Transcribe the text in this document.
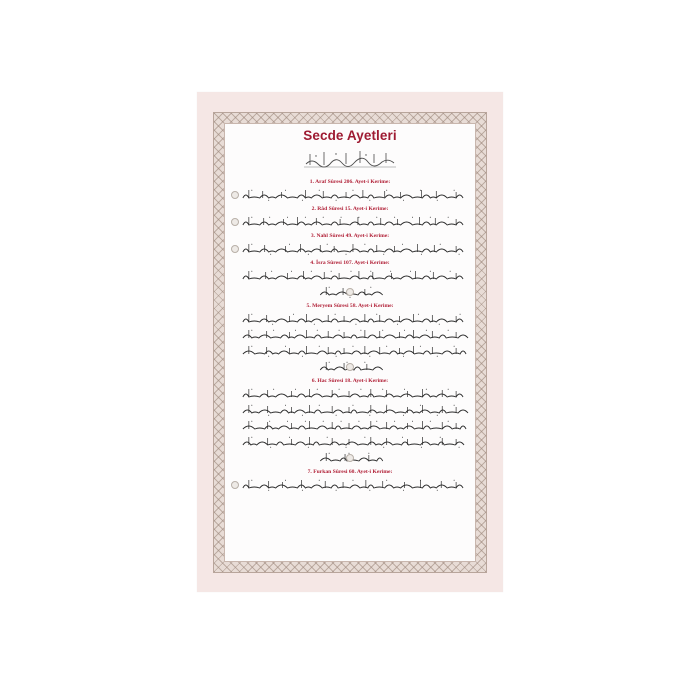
Secde Ayetleri
1. Araf Sûresi 206. Ayet-i Kerime:
2. Râd Sûresi 15. Ayet-i Kerime:
3. Nahl Sûresi 49. Ayet-i Kerime:
4. İsra Sûresi 107. Ayet-i Kerime:
5. Meryem Sûresi 58. Ayet-i Kerime:
6. Hac Sûresi 18. Ayet-i Kerime:
7. Furkan Sûresi 60. Ayet-i Kerime:
